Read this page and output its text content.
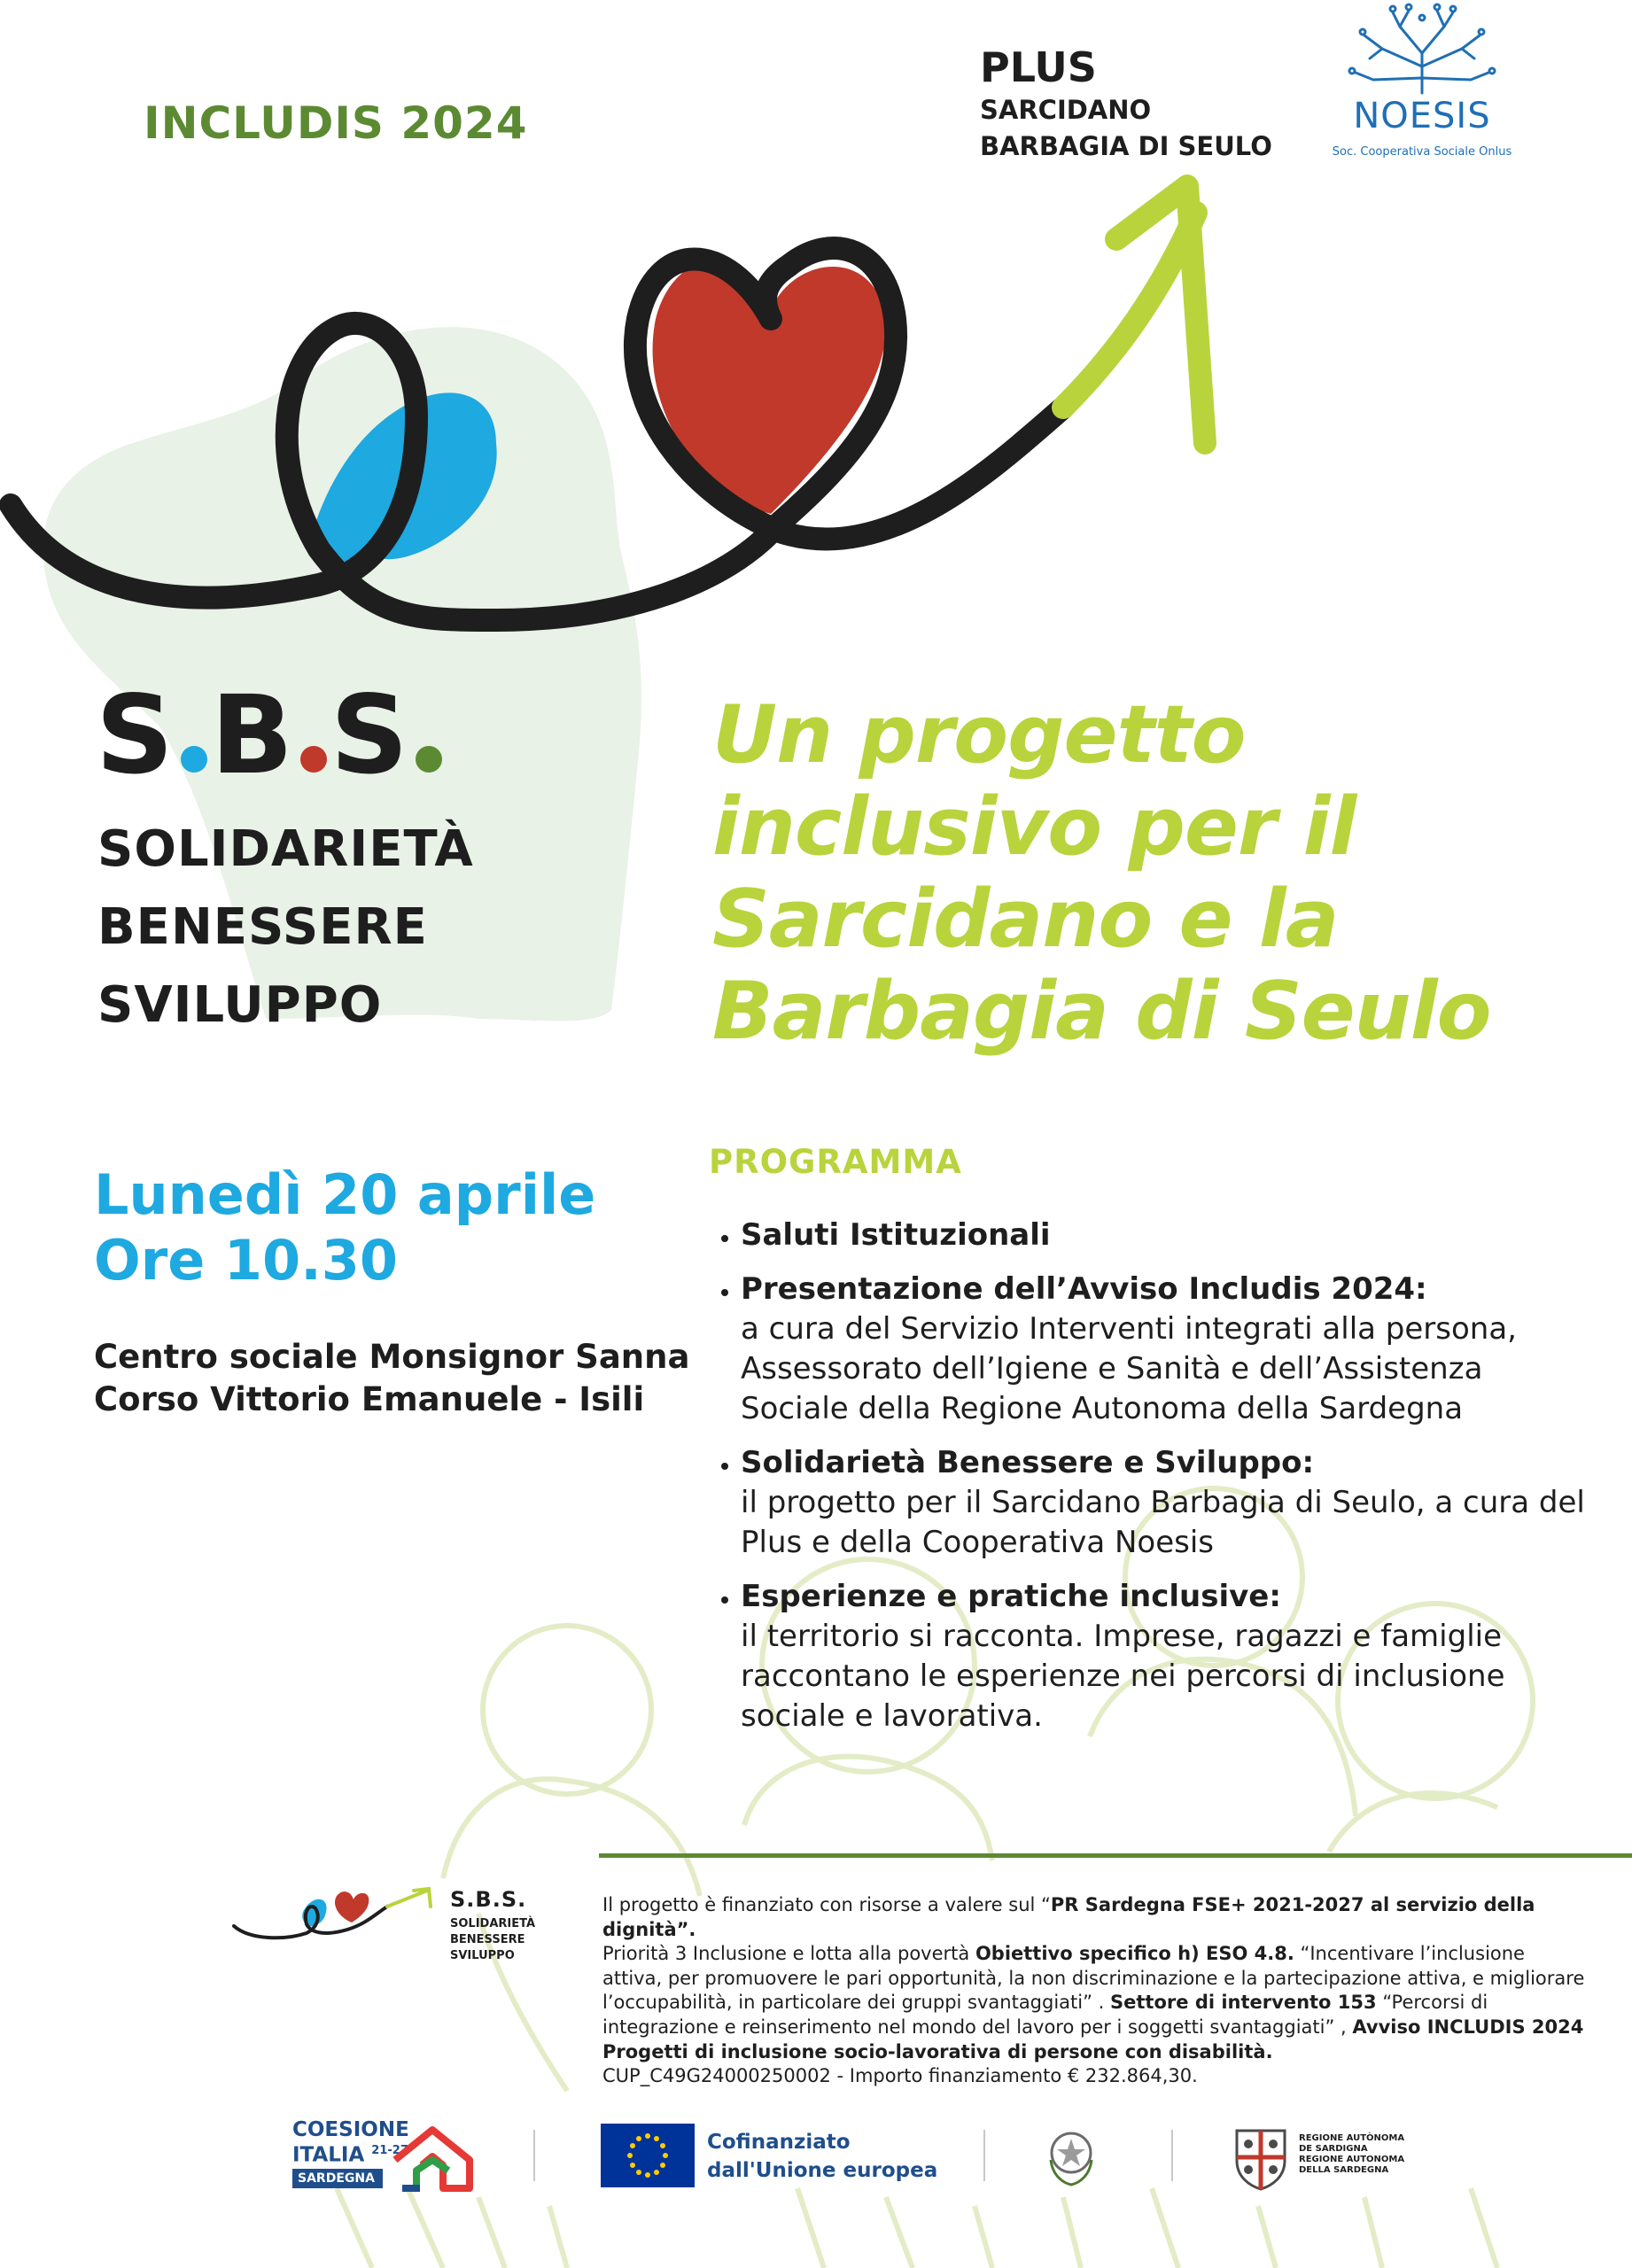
INCLUDIS 2024
PLUS
SARCIDANO
BARBAGIA DI SEULO
NOESIS
Soc. Cooperativa Sociale Onlus
S B S
SOLIDARIETÀ
BENESSERE
SVILUPPO
Un progetto
inclusivo per il
Sarcidano e la
Barbagia di Seulo
Lunedì 20 aprile
Ore 10.30
Centro sociale Monsignor Sanna
Corso Vittorio Emanuele - Isili
PROGRAMMA
• Saluti Istituzionali
• Presentazione dell’Avviso Includis 2024:
a cura del Servizio Interventi integrati alla persona,
Assessorato dell’Igiene e Sanità e dell’Assistenza
Sociale della Regione Autonoma della Sardegna
• Solidarietà Benessere e Sviluppo:
il progetto per il Sarcidano Barbagia di Seulo, a cura del
Plus e della Cooperativa Noesis
• Esperienze e pratiche inclusive:
il territorio si racconta. Imprese, ragazzi e famiglie
raccontano le esperienze nei percorsi di inclusione
sociale e lavorativa.
S.B.S.
SOLIDARIETÀ
BENESSERE
SVILUPPO
Il progetto è finanziato con risorse a valere sul “PR Sardegna FSE+ 2021-2027 al servizio della dignità”.
Priorità 3 Inclusione e lotta alla povertà Obiettivo specifico h) ESO 4.8. “Incentivare l’inclusione attiva, per promuovere le pari opportunità, la non discriminazione e la partecipazione attiva, e migliorare l’occupabilità, in particolare dei gruppi svantaggiati” . Settore di intervento 153 “Percorsi di integrazione e reinserimento nel mondo del lavoro per i soggetti svantaggiati” , Avviso INCLUDIS 2024 Progetti di inclusione socio-lavorativa di persone con disabilità.
CUP_C49G24000250002 - Importo finanziamento € 232.864,30.
COESIONE
ITALIA $^{21-27}$
SARDEGNA
Cofinanziato
dall'Unione europea
REGIONE AUTÒNOMA
DE SARDIGNA
REGIONE AUTONOMA
DELLA SARDEGNA
